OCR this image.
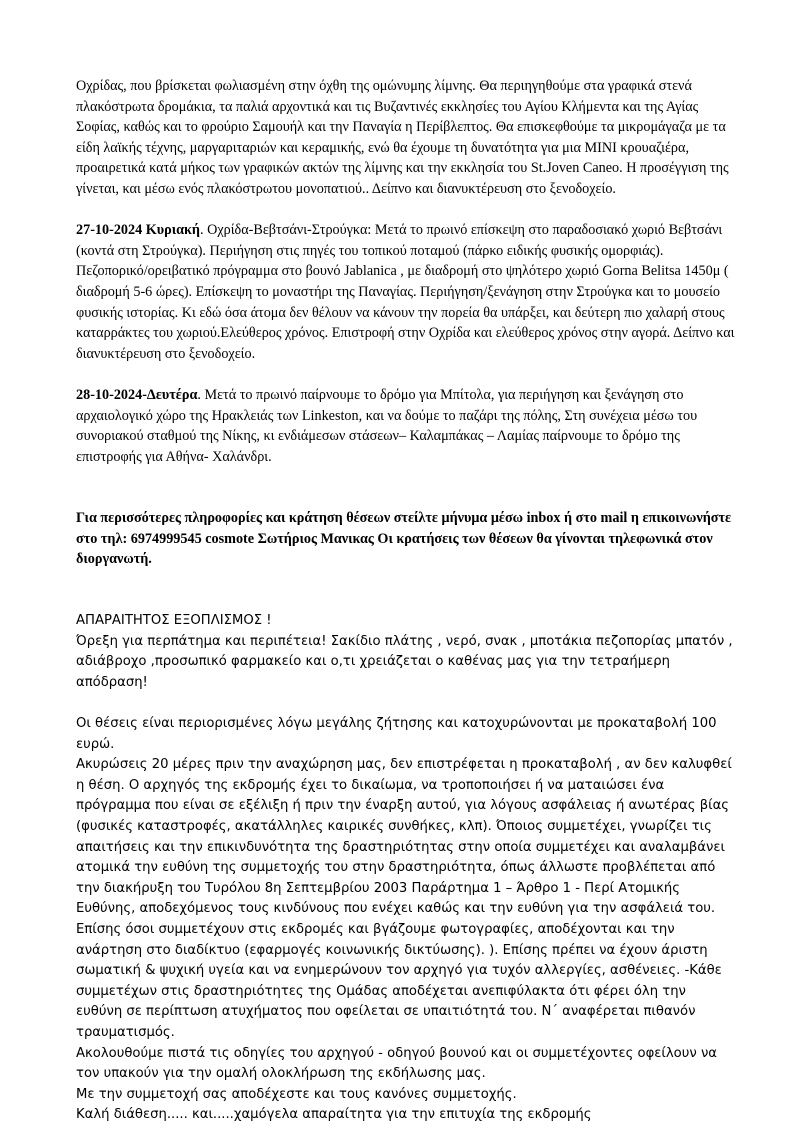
Οχρίδας, που βρίσκεται φωλιασμένη στην όχθη της ομώνυμης λίμνης. Θα περιηγηθούμε στα γραφικά στενά πλακόστρωτα δρομάκια, τα παλιά αρχοντικά και τις Βυζαντινές εκκλησίες του Αγίου Κλήμεντα και της Αγίας Σοφίας, καθώς και το φρούριο Σαμουήλ και την Παναγία η Περίβλεπτος. Θα επισκεφθούμε τα μικρομάγαζα με τα είδη λαϊκής τέχνης, μαργαριταριών και κεραμικής, ενώ θα έχουμε τη δυνατότητα για μια MINI κρουαζιέρα, προαιρετικά κατά μήκος των γραφικών ακτών της λίμνης και την εκκλησία του St.Joven Caneo. Η προσέγγιση της γίνεται, και μέσω ενός πλακόστρωτου μονοπατιού.. Δείπνο και διανυκτέρευση στο ξενοδοχείο.

27-10-2024 Κυριακή. Οχρίδα-Βεβτσάνι-Στρούγκα: Μετά το πρωινό επίσκεψη στο παραδοσιακό χωριό Βεβτσάνι (κοντά στη Στρούγκα). Περιήγηση στις πηγές του τοπικού ποταμού (πάρκο ειδικής φυσικής ομορφιάς). Πεζοπορικό/ορειβατικό πρόγραμμα στο βουνό Jablanica , με διαδρομή στο ψηλότερο χωριό Gorna Belitsa 1450μ ( διαδρομή 5-6 ώρες). Επίσκεψη το μοναστήρι της Παναγίας. Περιήγηση/ξενάγηση στην Στρούγκα και το μουσείο φυσικής ιστορίας. Κι εδώ όσα άτομα δεν θέλουν να κάνουν την πορεία θα υπάρξει, και δεύτερη πιο χαλαρή στους καταρράκτες του χωριού.Ελεύθερος χρόνος. Επιστροφή στην Οχρίδα και ελεύθερος χρόνος στην αγορά. Δείπνο και διανυκτέρευση στο ξενοδοχείο.

28-10-2024-Δευτέρα. Μετά το πρωινό παίρνουμε το δρόμο για Μπίτολα, για περιήγηση και ξενάγηση στο αρχαιολογικό χώρο της Ηρακλειάς των Linkeston, και να δούμε το παζάρι της πόλης, Στη συνέχεια μέσω του συνοριακού σταθμού της Νίκης, κι ενδιάμεσων στάσεων– Καλαμπάκας – Λαμίας παίρνουμε το δρόμο της επιστροφής για Αθήνα- Χαλάνδρι.

Για περισσότερες πληροφορίες και κράτηση θέσεων στείλτε μήνυμα μέσω inbox ή στο mail η επικοινωνήστε στο τηλ: 6974999545 cosmote Σωτήριος Μανικας Οι κρατήσεις των θέσεων θα γίνονται τηλεφωνικά στον διοργανωτή.

ΑΠΑΡΑΙΤΗΤΟΣ ΕΞΟΠΛΙΣΜΟΣ !

Όρεξη για περπάτημα και περιπέτεια! Σακίδιο πλάτης , νερό, σνακ , μποτάκια πεζοπορίας μπατόν , αδιάβροχο ,προσωπικό φαρμακείο και ο,τι χρειάζεται ο καθένας μας για την τετραήμερη απόδραση!

Οι θέσεις είναι περιορισμένες λόγω μεγάλης ζήτησης και κατοχυρώνονται με προκαταβολή 100 ευρώ.

Ακυρώσεις 20 μέρες πριν την αναχώρηση μας, δεν επιστρέφεται η προκαταβολή , αν δεν καλυφθεί η θέση. Ο αρχηγός της εκδρομής έχει το δικαίωμα, να τροποποιήσει ή να ματαιώσει ένα πρόγραμμα που είναι σε εξέλιξη ή πριν την έναρξη αυτού, για λόγους ασφάλειας ή ανωτέρας βίας (φυσικές καταστροφές, ακατάλληλες καιρικές συνθήκες, κλπ). Όποιος συμμετέχει, γνωρίζει τις απαιτήσεις και την επικινδυνότητα της δραστηριότητας στην οποία συμμετέχει και αναλαμβάνει ατομικά την ευθύνη της συμμετοχής του στην δραστηριότητα, όπως άλλωστε προβλέπεται από την διακήρυξη του Τυρόλου 8η Σεπτεμβρίου 2003 Παράρτημα 1 – Άρθρο 1 - Περί Ατομικής Ευθύνης, αποδεχόμενος τους κινδύνους που ενέχει καθώς και την ευθύνη για την ασφάλειά του. Επίσης όσοι συμμετέχουν στις εκδρομές και βγάζουμε φωτογραφίες, αποδέχονται και την ανάρτηση στο διαδίκτυο (εφαρμογές κοινωνικής δικτύωσης). ). Επίσης πρέπει να έχουν άριστη σωματική & ψυχική υγεία και να ενημερώνουν τον αρχηγό για τυχόν αλλεργίες, ασθένειες. -Κάθε συμμετέχων στις δραστηριότητες της Ομάδας αποδέχεται ανεπιφύλακτα ότι φέρει όλη την ευθύνη σε περίπτωση ατυχήματος που οφείλεται σε υπαιτιότητά του. Ν΄ αναφέρεται πιθανόν τραυματισμός.

Ακολουθούμε πιστά τις οδηγίες του αρχηγού - οδηγού βουνού και οι συμμετέχοντες οφείλουν να τον υπακούν για την ομαλή ολοκλήρωση της εκδήλωσης μας.

Με την συμμετοχή σας αποδέχεστε και τους κανόνες συμμετοχής.

Καλή διάθεση..... και.....χαμόγελα απαραίτητα για την επιτυχία της εκδρομής
